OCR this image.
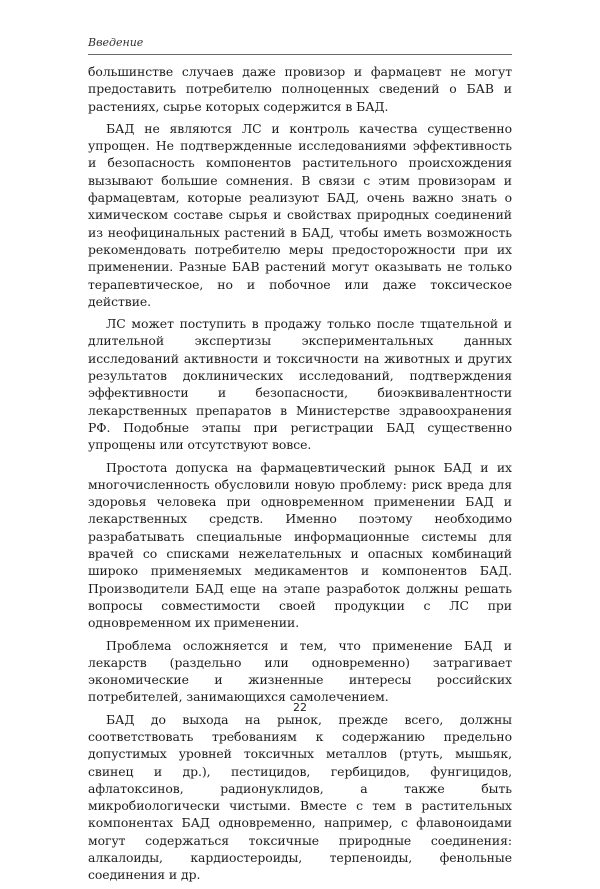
Введение

большинстве случаев даже провизор и фармацевт не могут предоставить потребителю полноценных сведений о БАВ и растениях, сырье которых содержится в БАД.

БАД не являются ЛС и контроль качества существенно упрощен. Не подтвержденные исследованиями эффективность и безопасность компонентов растительного происхождения вызывают большие сомнения. В связи с этим провизорам и фармацевтам, которые реализуют БАД, очень важно знать о химическом составе сырья и свойствах природных соединений из неофицинальных растений в БАД, чтобы иметь возможность рекомендовать потребителю меры предосторожности при их применении. Разные БАВ растений могут оказывать не только терапевтическое, но и побочное или даже токсическое действие.

ЛС может поступить в продажу только после тщательной и длительной экспертизы экспериментальных данных исследований активности и токсичности на животных и других результатов доклинических исследований, подтверждения эффективности и безопасности, биоэквивалентности лекарственных препаратов в Министерстве здравоохранения РФ. Подобные этапы при регистрации БАД существенно упрощены или отсутствуют вовсе.

Простота допуска на фармацевтический рынок БАД и их многочисленность обусловили новую проблему: риск вреда для здоровья человека при одновременном применении БАД и лекарственных средств. Именно поэтому необходимо разрабатывать специальные информационные системы для врачей со списками нежелательных и опасных комбинаций широко применяемых медикаментов и компонентов БАД. Производители БАД еще на этапе разработок должны решать вопросы совместимости своей продукции с ЛС при одновременном их применении.

Проблема осложняется и тем, что применение БАД и лекарств (раздельно или одновременно) затрагивает экономические и жизненные интересы российских потребителей, занимающихся самолечением.

БАД до выхода на рынок, прежде всего, должны соответствовать требованиям к содержанию предельно допустимых уровней токсичных металлов (ртуть, мышьяк, свинец и др.), пестицидов, гербицидов, фунгицидов, афлатоксинов, радионуклидов, а также быть микробиологически чистыми. Вместе с тем в растительных компонентах БАД одновременно, например, с флавоноидами могут содержаться токсичные природные соединения: алкалоиды, кардиостероиды, терпеноиды, фенольные соединения и др.

22
